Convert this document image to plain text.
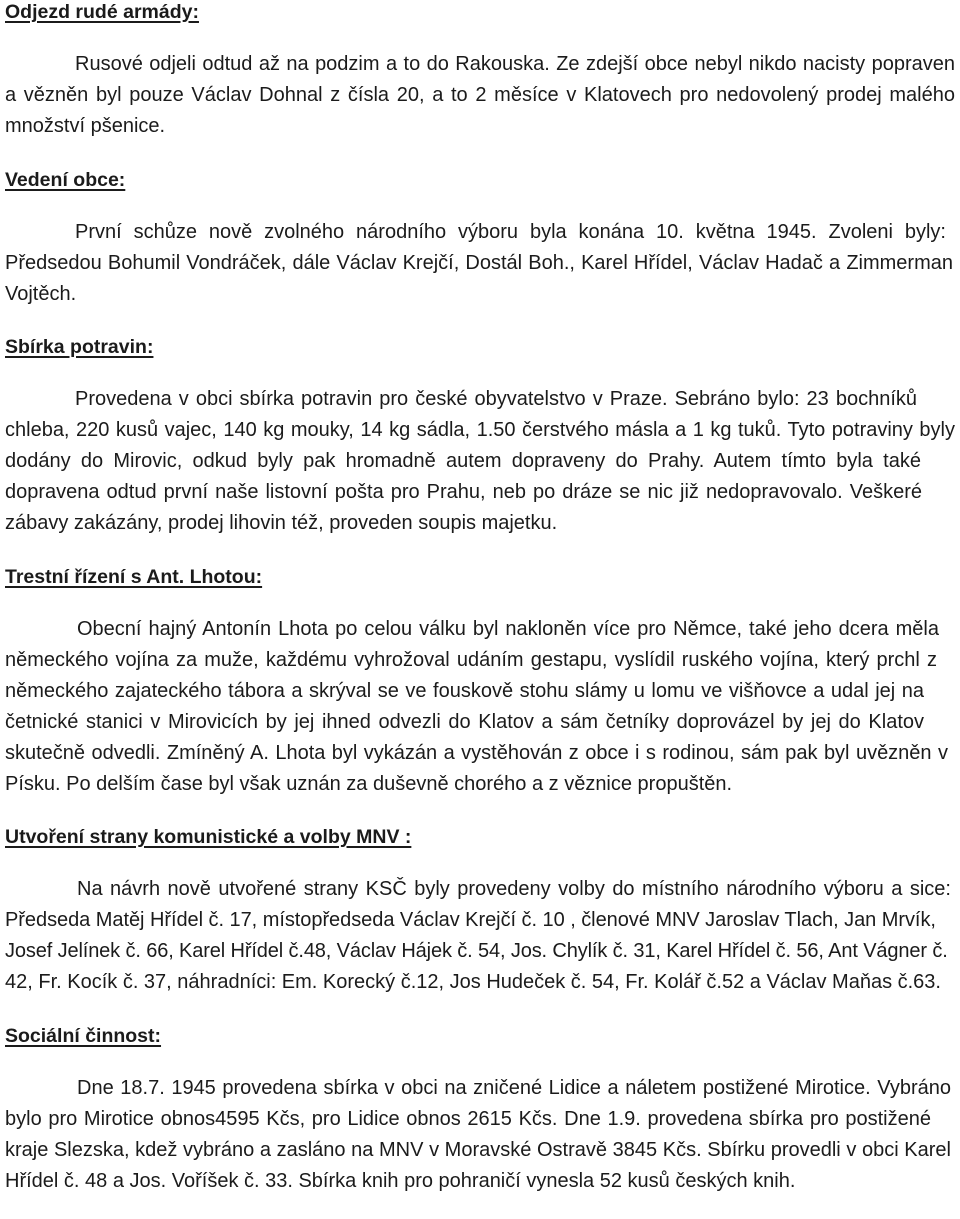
Odjezd rudé armády:
Rusové odjeli odtud až na podzim a to do Rakouska. Ze zdejší obce nebyl nikdo nacisty popraven
a vězněn byl pouze Václav Dohnal z čísla 20, a to 2 měsíce v Klatovech pro nedovolený prodej malého
množství pšenice.
Vedení obce:
První schůze nově zvolného národního výboru byla konána 10. května 1945. Zvoleni byly:
Předsedou Bohumil Vondráček, dále Václav Krejčí, Dostál Boh., Karel Hřídel, Václav Hadač a Zimmerman
Vojtěch.
Sbírka potravin:
Provedena v obci sbírka potravin pro české obyvatelstvo v Praze. Sebráno bylo: 23 bochníků
chleba, 220 kusů vajec, 140 kg mouky, 14 kg sádla, 1.50 čerstvého másla a 1 kg tuků. Tyto potraviny byly
dodány do Mirovic, odkud byly pak hromadně autem dopraveny do Prahy. Autem tímto byla také
dopravena odtud první naše listovní pošta pro Prahu, neb po dráze se nic již nedopravovalo. Veškeré
zábavy zakázány, prodej lihovin též, proveden soupis majetku.
Trestní řízení s Ant. Lhotou:
Obecní hajný Antonín Lhota po celou válku byl nakloněn více pro Němce, také jeho dcera měla
německého vojína za muže, každému vyhrožoval udáním gestapu, vyslídil ruského vojína, který prchl z
německého zajateckého tábora a skrýval se ve fouskově stohu slámy u lomu ve višňovce a udal jej na
četnické stanici v Mirovicích by jej ihned odvezli do Klatov a sám četníky doprovázel by jej do Klatov
skutečně odvedli. Zmíněný A. Lhota byl vykázán a vystěhován z obce i s rodinou, sám pak byl uvězněn v
Písku. Po delším čase byl však uznán za duševně chorého a z věznice propuštěn.
Utvoření strany komunistické a volby MNV :
Na návrh nově utvořené strany KSČ byly provedeny volby do místního národního výboru a sice:
Předseda Matěj Hřídel č. 17, místopředseda Václav Krejčí č. 10 , členové MNV Jaroslav Tlach, Jan Mrvík,
Josef Jelínek č. 66, Karel Hřídel č.48, Václav Hájek č. 54, Jos. Chylík č. 31, Karel Hřídel č. 56, Ant Vágner č.
42, Fr. Kocík č. 37, náhradníci: Em. Korecký č.12, Jos Hudeček č. 54, Fr. Kolář č.52 a Václav Maňas č.63.
Sociální činnost:
Dne 18.7. 1945 provedena sbírka v obci na zničené Lidice a náletem postižené Mirotice. Vybráno
bylo pro Mirotice obnos4595 Kčs, pro Lidice obnos 2615 Kčs. Dne 1.9. provedena sbírka pro postižené
kraje Slezska, kdež vybráno a zasláno na MNV v Moravské Ostravě 3845 Kčs. Sbírku provedli v obci Karel
Hřídel č. 48 a Jos. Voříšek č. 33. Sbírka knih pro pohraničí vynesla 52 kusů českých knih.
